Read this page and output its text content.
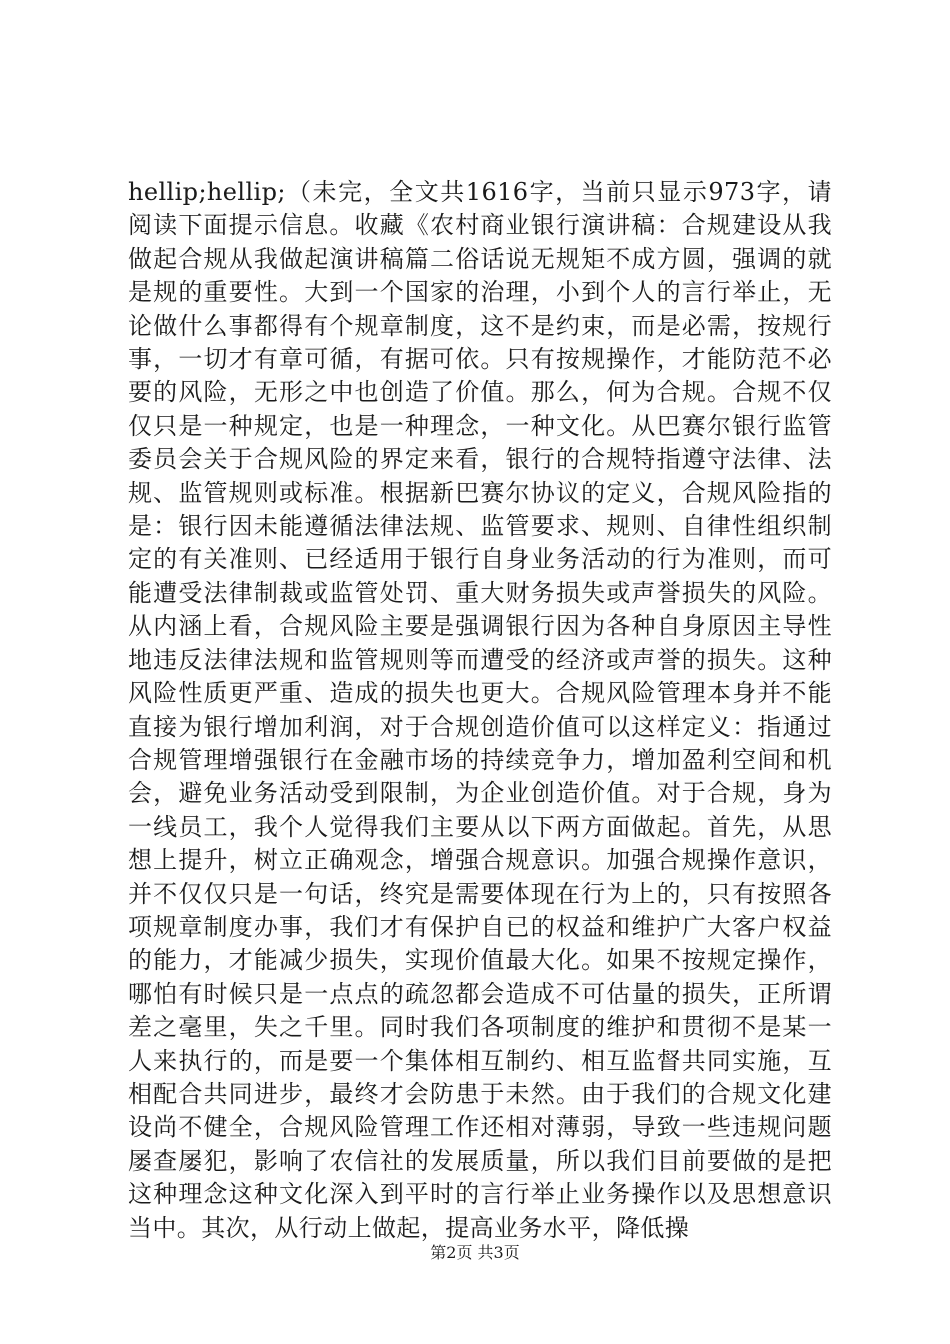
hellip;hellip;（未完，全文共1616字，当前只显示973字，请阅读下面提示信息。收藏《农村商业银行演讲稿：合规建设从我做起合规从我做起演讲稿篇二俗话说无规矩不成方圆，强调的就是规的重要性。大到一个国家的治理，小到个人的言行举止，无论做什么事都得有个规章制度，这不是约束，而是必需，按规行事，一切才有章可循，有据可依。只有按规操作，才能防范不必要的风险，无形之中也创造了价值。那么，何为合规。合规不仅仅只是一种规定，也是一种理念，一种文化。从巴赛尔银行监管委员会关于合规风险的界定来看，银行的合规特指遵守法律、法规、监管规则或标准。根据新巴赛尔协议的定义，合规风险指的是：银行因未能遵循法律法规、监管要求、规则、自律性组织制定的有关准则、已经适用于银行自身业务活动的行为准则，而可能遭受法律制裁或监管处罚、重大财务损失或声誉损失的风险。从内涵上看，合规风险主要是强调银行因为各种自身原因主导性地违反法律法规和监管规则等而遭受的经济或声誉的损失。这种风险性质更严重、造成的损失也更大。合规风险管理本身并不能直接为银行增加利润，对于合规创造价值可以这样定义：指通过合规管理增强银行在金融市场的持续竞争力，增加盈利空间和机会，避免业务活动受到限制，为企业创造价值。对于合规，身为一线员工，我个人觉得我们主要从以下两方面做起。首先，从思想上提升，树立正确观念，增强合规意识。加强合规操作意识，并不仅仅只是一句话，终究是需要体现在行为上的，只有按照各项规章制度办事，我们才有保护自已的权益和维护广大客户权益的能力，才能减少损失，实现价值最大化。如果不按规定操作，哪怕有时候只是一点点的疏忽都会造成不可估量的损失，正所谓差之毫里，失之千里。同时我们各项制度的维护和贯彻不是某一人来执行的，而是要一个集体相互制约、相互监督共同实施，互相配合共同进步，最终才会防患于未然。由于我们的合规文化建设尚不健全，合规风险管理工作还相对薄弱，导致一些违规问题屡查屡犯，影响了农信社的发展质量，所以我们目前要做的是把这种理念这种文化深入到平时的言行举止业务操作以及思想意识当中。其次，从行动上做起，提高业务水平，降低操

第2页 共3页
